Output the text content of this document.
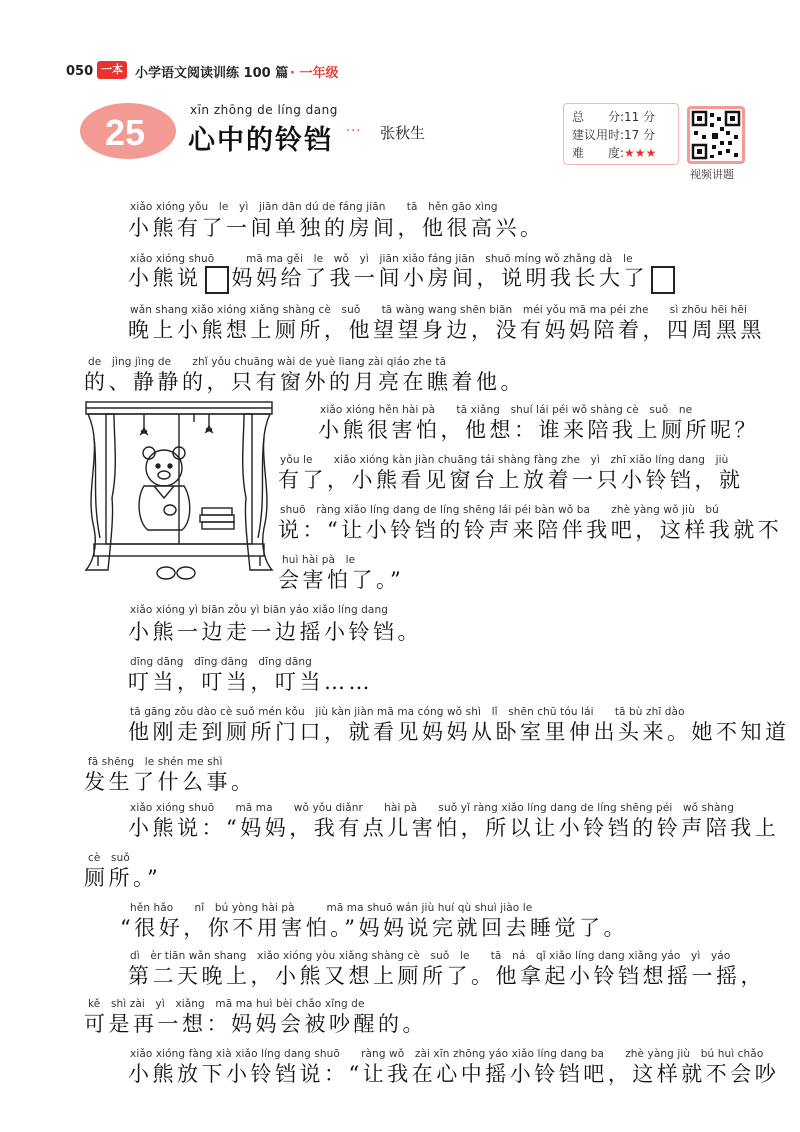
050 一本 小学语文阅读训练 100 篇 · 一年级
25
xīn zhōng de líng dang
心中的铃铛 ··· 张秋生
总　　分:11 分
建议用时:17 分
难　　度:★★★
视频讲题
xiǎo xióng yǒu　le　yì　jiān dān dú de fáng jiān　　tā　hěn gāo xìng
小熊有了一间单独的房间，他很高兴。
xiǎo xióng shuō　　　mā ma gěi　le　wǒ　yì　jiān xiǎo fáng jiān　shuō míng wǒ zhǎng dà　le
小熊说 妈妈给了我一间小房间，说明我长大了
wǎn shang xiǎo xióng xiǎng shàng cè　suǒ　　tā wàng wang shēn biān　méi yǒu mā ma péi zhe　　sì zhōu hēi hēi
晚上小熊想上厕所，他望望身边，没有妈妈陪着，四周黑黑
de　jìng jìng de　　zhǐ yǒu chuāng wài de yuè liang zài qiáo zhe tā
的、静静的，只有窗外的月亮在瞧着他。
xiǎo xióng hěn hài pà　　tā xiǎng　shuí lái péi wǒ shàng cè　suǒ　ne
小熊很害怕，他想：谁来陪我上厕所呢？
yǒu le　　xiǎo xióng kàn jiàn chuāng tái shàng fàng zhe　yì　zhī xiǎo líng dang　jiù
有了，小熊看见窗台上放着一只小铃铛，就
shuō　ràng xiǎo líng dang de líng shēng lái péi bàn wǒ ba　　zhè yàng wǒ jiù　bú
说：“让小铃铛的铃声来陪伴我吧，这样我就不
huì hài pà　le
会害怕了。”
xiǎo xióng yì biān zǒu yì biān yáo xiǎo líng dang
小熊一边走一边摇小铃铛。
dīng dāng　dīng dāng　dīng dāng
叮当，叮当，叮当……
tā gāng zǒu dào cè suǒ mén kǒu　jiù kàn jiàn mā ma cóng wǒ shì　lǐ　shēn chū tóu lái　　tā bù zhī dào
他刚走到厕所门口，就看见妈妈从卧室里伸出头来。她不知道
fā shēng　le shén me shì
发生了什么事。
xiǎo xióng shuō　　mā ma　　wǒ yǒu diǎnr　　hài pà　　suǒ yǐ ràng xiǎo líng dang de líng shēng péi　wǒ shàng
小熊说：“妈妈，我有点儿害怕，所以让小铃铛的铃声陪我上
cè　suǒ
厕所。”
hěn hǎo　　nǐ　bú yòng hài pà　　　mā ma shuō wán jiù huí qù shuì jiào le
“很好，你不用害怕。”妈妈说完就回去睡觉了。
dì　èr tiān wǎn shang　xiǎo xióng yòu xiǎng shàng cè　suǒ　le　　tā　ná　qǐ xiǎo líng dang xiǎng yáo　yì　yáo
第二天晚上，小熊又想上厕所了。他拿起小铃铛想摇一摇，
kě　shì zài　yì　xiǎng　mā ma huì bèi chǎo xǐng de
可是再一想：妈妈会被吵醒的。
xiǎo xióng fàng xià xiǎo líng dang shuō　　ràng wǒ　zài xīn zhōng yáo xiǎo líng dang ba　　zhè yàng jiù　bú huì chǎo
小熊放下小铃铛说：“让我在心中摇小铃铛吧，这样就不会吵
